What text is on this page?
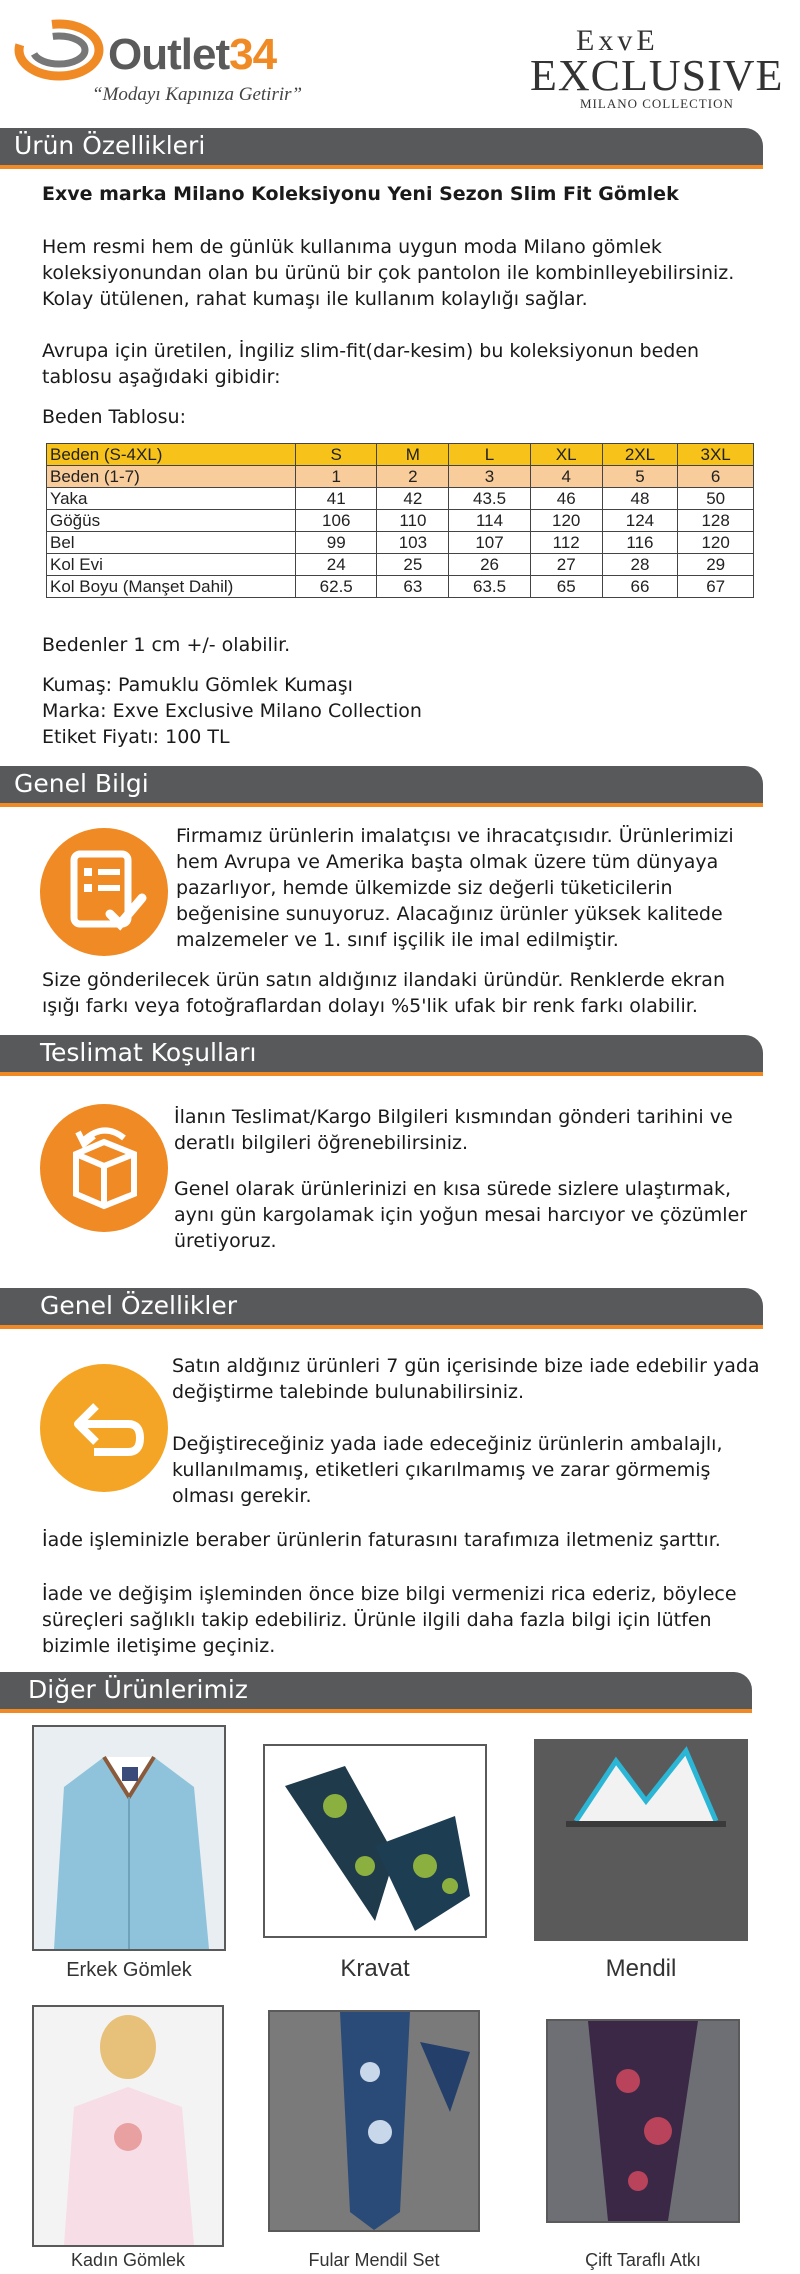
Outlet34
“Modayı Kapınıza Getirir”
ExvE
EXCLUSIVE
MILANO COLLECTION
Ürün Özellikleri
Exve marka Milano Koleksiyonu Yeni Sezon Slim Fit Gömlek
Hem resmi hem de günlük kullanıma uygun moda Milano gömlek
koleksiyonundan olan bu ürünü bir çok pantolon ile kombinlleyebilirsiniz.
Kolay ütülenen, rahat kumaşı ile kullanım kolaylığı sağlar.
Avrupa için üretilen, İngiliz slim-fit(dar-kesim) bu koleksiyonun beden
tablosu aşağıdaki gibidir:
Beden Tablosu:
Beden (S-4XL)	S	M	L	XL	2XL	3XL
Beden (1-7)	1	2	3	4	5	6
Yaka	41	42	43.5	46	48	50
Göğüs	106	110	114	120	124	128
Bel	99	103	107	112	116	120
Kol Evi	24	25	26	27	28	29
Kol Boyu (Manşet Dahil)	62.5	63	63.5	65	66	67
Bedenler 1 cm +/- olabilir.
Kumaş: Pamuklu Gömlek Kumaşı
Marka: Exve Exclusive Milano Collection
Etiket Fiyatı: 100 TL
Genel Bilgi
Firmamız ürünlerin imalatçısı ve ihracatçısıdır. Ürünlerimizi
hem Avrupa ve Amerika başta olmak üzere tüm dünyaya
pazarlıyor, hemde ülkemizde siz değerli tüketicilerin
beğenisine sunuyoruz. Alacağınız ürünler yüksek kalitede
malzemeler ve 1. sınıf işçilik ile imal edilmiştir.
Size gönderilecek ürün satın aldığınız ilandaki üründür. Renklerde ekran
ışığı farkı veya fotoğraflardan dolayı %5'lik ufak bir renk farkı olabilir.
Teslimat Koşulları
İlanın Teslimat/Kargo Bilgileri kısmından gönderi tarihini ve
deratlı bilgileri öğrenebilirsiniz.
Genel olarak ürünlerinizi en kısa sürede sizlere ulaştırmak,
aynı gün kargolamak için yoğun mesai harcıyor ve çözümler
üretiyoruz.
Genel Özellikler
Satın aldğınız ürünleri 7 gün içerisinde bize iade edebilir yada
değiştirme talebinde bulunabilirsiniz.
Değiştireceğiniz yada iade edeceğiniz ürünlerin ambalajlı,
kullanılmamış, etiketleri çıkarılmamış ve zarar görmemiş
olması gerekir.
İade işleminizle beraber ürünlerin faturasını tarafımıza iletmeniz şarttır.
İade ve değişim işleminden önce bize bilgi vermenizi rica ederiz, böylece
süreçleri sağlıklı takip edebiliriz. Ürünle ilgili daha fazla bilgi için lütfen
bizimle iletişime geçiniz.
Diğer Ürünlerimiz
Erkek Gömlek	Kravat	Mendil
Kadın Gömlek	Fular Mendil Set	Çift Taraflı Atkı
